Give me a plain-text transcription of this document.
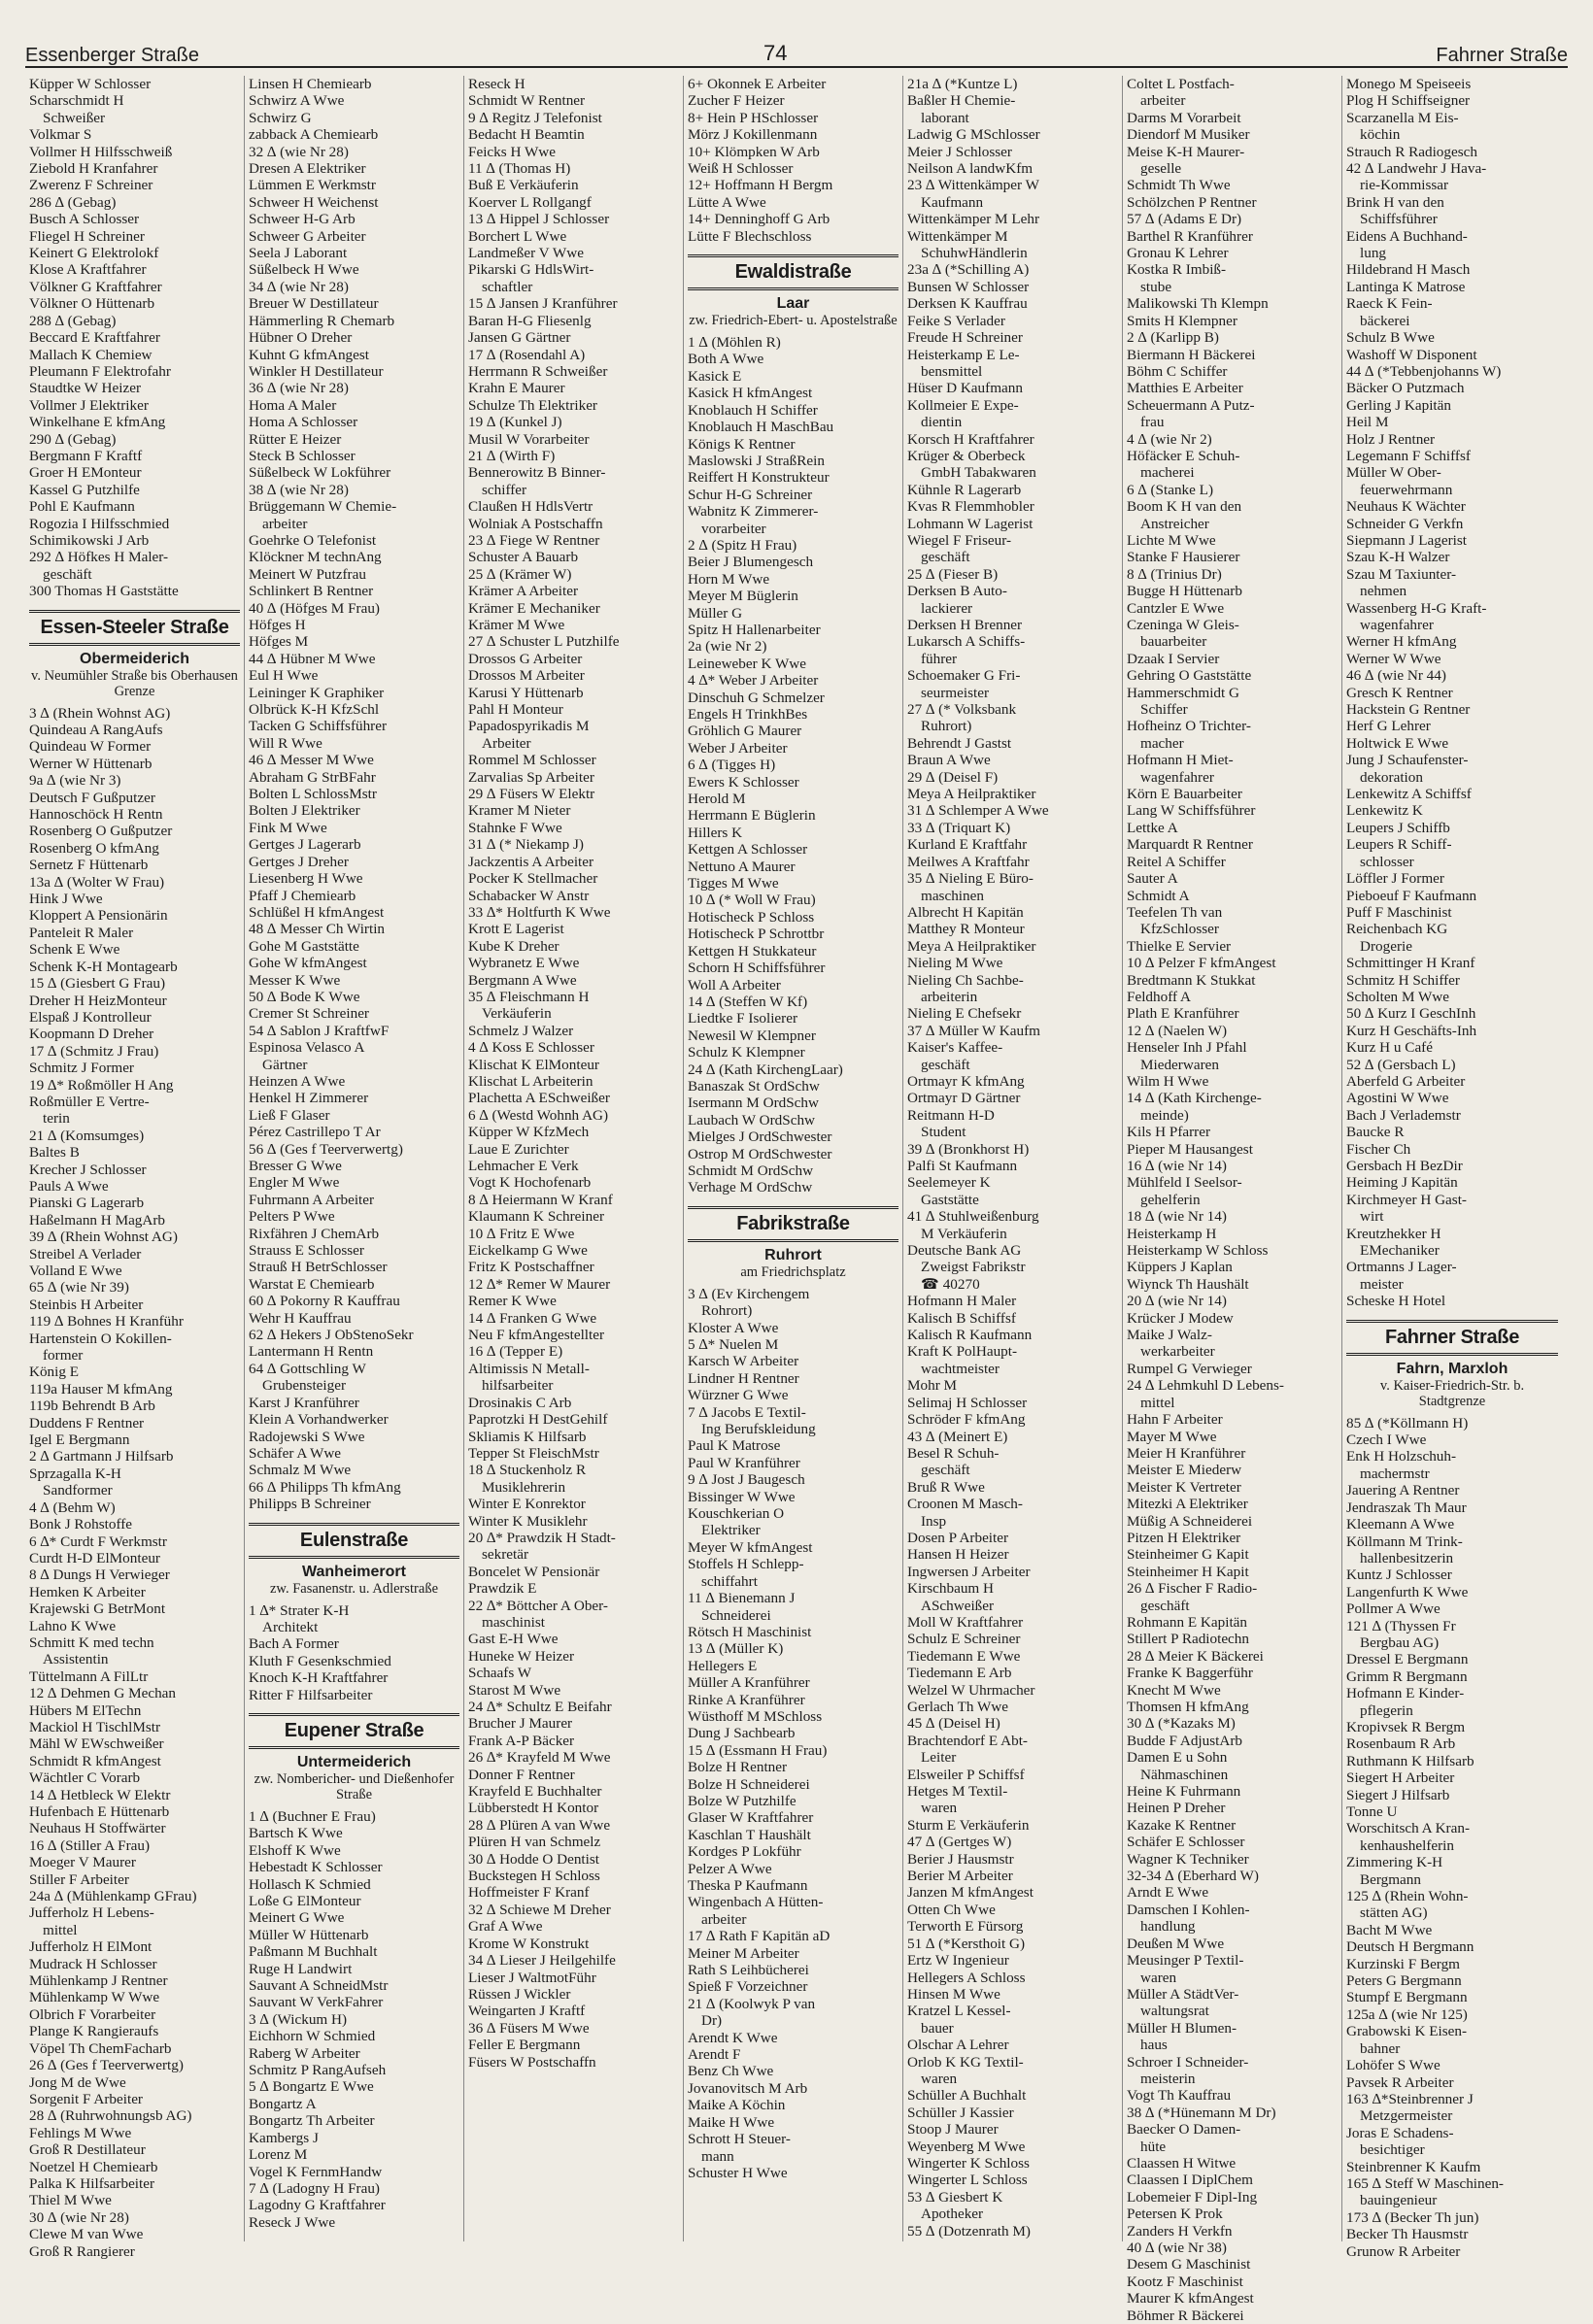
Essenberger Straße	74	Fahrner Straße
Küpper W Schlosser
Scharschmidt H
Schweißer
Volkmar S
Vollmer H Hilfsschweiß
Ziebold H Kranfahrer
Zwerenz F Schreiner
286 ∆ (Gebag)
Busch A Schlosser
Fliegel H Schreiner
Keinert G Elektrolokf
Klose A Kraftfahrer
Völkner G Kraftfahrer
Völkner O Hüttenarb
288 ∆ (Gebag)
Beccard E Kraftfahrer
Mallach K Chemiew
Pleumann F Elektrofahr
Staudtke W Heizer
Vollmer J Elektriker
Winkelhane E kfmAng
290 ∆ (Gebag)
Bergmann F Kraftf
Groer H EMonteur
Kassel G Putzhilfe
Pohl E Kaufmann
Rogozia I Hilfsschmied
Schimikowski J Arb
292 ∆ Höfkes H Maler-
geschäft
300 Thomas H Gaststätte
Essen-Steeler Straße
Obermeiderich
v. Neumühler Straße bis Oberhausen Grenze
3 ∆ (Rhein Wohnst AG)
Quindeau A RangAufs
Quindeau W Former
Werner W Hüttenarb
9a ∆ (wie Nr 3)
Deutsch F Gußputzer
Hannoschöck H Rentn
Rosenberg O Gußputzer
Rosenberg O kfmAng
Sernetz F Hüttenarb
13a ∆ (Wolter W Frau)
Hink J Wwe
Kloppert A Pensionärin
Panteleit R Maler
Schenk E Wwe
Schenk K-H Montagearb
15 ∆ (Giesbert G Frau)
Dreher H HeizMonteur
Elspaß J Kontrolleur
Koopmann D Dreher
17 ∆ (Schmitz J Frau)
Schmitz J Former
19 ∆* Roßmöller H Ang
Roßmüller E Vertre-
terin
21 ∆ (Komsumges)
Baltes B
Krecher J Schlosser
Pauls A Wwe
Pianski G Lagerarb
Haßelmann H MagArb
39 ∆ (Rhein Wohnst AG)
Streibel A Verlader
Volland E Wwe
65 ∆ (wie Nr 39)
Steinbis H Arbeiter
119 ∆ Bohnes H Kranführ
Hartenstein O Kokillen-
former
König E
119a Hauser M kfmAng
119b Behrendt B Arb
Duddens F Rentner
Igel E Bergmann
2 ∆ Gartmann J Hilfsarb
Sprzagalla K-H
Sandformer
4 ∆ (Behm W)
Bonk J Rohstoffe
6 ∆* Curdt F Werkmstr
Curdt H-D ElMonteur
8 ∆ Dungs H Verwieger
Hemken K Arbeiter
Krajewski G BetrMont
Lahno K Wwe
Schmitt K med techn
Assistentin
Tüttelmann A FilLtr
12 ∆ Dehmen G Mechan
Hübers M ElTechn
Mackiol H TischlMstr
Mähl W EWschweißer
Schmidt R kfmAngest
Wächtler C Vorarb
14 ∆ Hetbleck W Elektr
Hufenbach E Hüttenarb
Neuhaus H Stoffwärter
16 ∆ (Stiller A Frau)
Moeger V Maurer
Stiller F Arbeiter
24a ∆ (Mühlenkamp GFrau)
Jufferholz H Lebens-
mittel
Jufferholz H ElMont
Mudrack H Schlosser
Mühlenkamp J Rentner
Mühlenkamp W Wwe
Olbrich F Vorarbeiter
Plange K Rangieraufs
Vöpel Th ChemFacharb
26 ∆ (Ges f Teerverwertg)
Jong M de Wwe
Sorgenit F Arbeiter
28 ∆ (Ruhrwohnungsb AG)
Fehlings M Wwe
Groß R Destillateur
Noetzel H Chemiearb
Palka K Hilfsarbeiter
Thiel M Wwe
30 ∆ (wie Nr 28)
Clewe M van Wwe
Groß R Rangierer
Linsen H Chemiearb
Schwirz A Wwe
Schwirz G
zabback A Chemiearb
32 ∆ (wie Nr 28)
Dresen A Elektriker
Lümmen E Werkmstr
Schweer H Weichenst
Schweer H-G Arb
Schweer G Arbeiter
Seela J Laborant
Süßelbeck H Wwe
34 ∆ (wie Nr 28)
Breuer W Destillateur
Hämmerling R Chemarb
Hübner O Dreher
Kuhnt G kfmAngest
Winkler H Destillateur
36 ∆ (wie Nr 28)
Homa A Maler
Homa A Schlosser
Rütter E Heizer
Steck B Schlosser
Süßelbeck W Lokführer
38 ∆ (wie Nr 28)
Brüggemann W Chemie-
arbeiter
Goehrke O Telefonist
Klöckner M technAng
Meinert W Putzfrau
Schlinkert B Rentner
40 ∆ (Höfges M Frau)
Höfges H
Höfges M
44 ∆ Hübner M Wwe
Eul H Wwe
Leininger K Graphiker
Olbrück K-H KfzSchl
Tacken G Schiffsführer
Will R Wwe
46 ∆ Messer M Wwe
Abraham G StrBFahr
Bolten L SchlossMstr
Bolten J Elektriker
Fink M Wwe
Gertges J Lagerarb
Gertges J Dreher
Liesenberg H Wwe
Pfaff J Chemiearb
Schlüßel H kfmAngest
48 ∆ Messer Ch Wirtin
Gohe M Gaststätte
Gohe W kfmAngest
Messer K Wwe
50 ∆ Bode K Wwe
Cremer St Schreiner
54 ∆ Sablon J KraftfwF
Espinosa Velasco A
Gärtner
Heinzen A Wwe
Henkel H Zimmerer
Ließ F Glaser
Pérez Castrillepo T Ar
56 ∆ (Ges f Teerverwertg)
Bresser G Wwe
Engler M Wwe
Fuhrmann A Arbeiter
Pelters P Wwe
Rixfähren J ChemArb
Strauss E Schlosser
Strauß H BetrSchlosser
Warstat E Chemiearb
60 ∆ Pokorny R Kauffrau
Wehr H Kauffrau
62 ∆ Hekers J ObStenoSekr
Lantermann H Rentn
64 ∆ Gottschling W
Grubensteiger
Karst J Kranführer
Klein A Vorhandwerker
Radojewski S Wwe
Schäfer A Wwe
Schmalz M Wwe
66 ∆ Philipps Th kfmAng
Philipps B Schreiner
Eulenstraße
Wanheimerort
zw. Fasanenstr. u. Adlerstraße
1 ∆* Strater K-H
Architekt
Bach A Former
Kluth F Gesenkschmied
Knoch K-H Kraftfahrer
Ritter F Hilfsarbeiter
Eupener Straße
Untermeiderich
zw. Nombericher- und Dießenhofer Straße
1 ∆ (Buchner E Frau)
Bartsch K Wwe
Elshoff K Wwe
Hebestadt K Schlosser
Hollasch K Schmied
Loße G ElMonteur
Meinert G Wwe
Müller W Hüttenarb
Paßmann M Buchhalt
Ruge H Landwirt
Sauvant A SchneidMstr
Sauvant W VerkFahrer
3 ∆ (Wickum H)
Eichhorn W Schmied
Raberg W Arbeiter
Schmitz P RangAufseh
5 ∆ Bongartz E Wwe
Bongartz A
Bongartz Th Arbeiter
Kambergs J
Lorenz M
Vogel K FernmHandw
7 ∆ (Ladogny H Frau)
Lagodny G Kraftfahrer
Reseck J Wwe
Reseck H
Schmidt W Rentner
9 ∆ Regitz J Telefonist
Bedacht H Beamtin
Feicks H Wwe
11 ∆ (Thomas H)
Buß E Verkäuferin
Koerver L Rollgangf
13 ∆ Hippel J Schlosser
Borchert L Wwe
Landmeßer V Wwe
Pikarski G HdlsWirt-
schaftler
15 ∆ Jansen J Kranführer
Baran H-G Fliesenlg
Jansen G Gärtner
17 ∆ (Rosendahl A)
Herrmann R Schweißer
Krahn E Maurer
Schulze Th Elektriker
19 ∆ (Kunkel J)
Musil W Vorarbeiter
21 ∆ (Wirth F)
Bennerowitz B Binner-
schiffer
Claußen H HdlsVertr
Wolniak A Postschaffn
23 ∆ Fiege W Rentner
Schuster A Bauarb
25 ∆ (Krämer W)
Krämer A Arbeiter
Krämer E Mechaniker
Krämer M Wwe
27 ∆ Schuster L Putzhilfe
Drossos G Arbeiter
Drossos M Arbeiter
Karusi Y Hüttenarb
Pahl H Monteur
Papadospyrikadis M
Arbeiter
Rommel M Schlosser
Zarvalias Sp Arbeiter
29 ∆ Füsers W Elektr
Kramer M Nieter
Stahnke F Wwe
31 ∆ (* Niekamp J)
Jackzentis A Arbeiter
Pocker K Stellmacher
Schabacker W Anstr
33 ∆* Holtfurth K Wwe
Krott E Lagerist
Kube K Dreher
Wybranetz E Wwe
Bergmann A Wwe
35 ∆ Fleischmann H
Verkäuferin
Schmelz J Walzer
4 ∆ Koss E Schlosser
Klischat K ElMonteur
Klischat L Arbeiterin
Plachetta A ESchweißer
6 ∆ (Westd Wohnh AG)
Küpper W KfzMech
Laue E Zurichter
Lehmacher E Verk
Vogt K Hochofenarb
8 ∆ Heiermann W Kranf
Klaumann K Schreiner
10 ∆ Fritz E Wwe
Eickelkamp G Wwe
Fritz K Postschaffner
12 ∆* Remer W Maurer
Remer K Wwe
14 ∆ Franken G Wwe
Neu F kfmAngestellter
16 ∆ (Tepper E)
Altimissis N Metall-
hilfsarbeiter
Drosinakis C Arb
Paprotzki H DestGehilf
Skliamis K Hilfsarb
Tepper St FleischMstr
18 ∆ Stuckenholz R
Musiklehrerin
Winter E Konrektor
Winter K Musiklehr
20 ∆* Prawdzik H Stadt-
sekretär
Boncelet W Pensionär
Prawdzik E
22 ∆* Böttcher A Ober-
maschinist
Gast E-H Wwe
Huneke W Heizer
Schaafs W
Starost M Wwe
24 ∆* Schultz E Beifahr
Brucher J Maurer
Frank A-P Bäcker
26 ∆* Krayfeld M Wwe
Donner F Rentner
Krayfeld E Buchhalter
Lübberstedt H Kontor
28 ∆ Plüren A van Wwe
Plüren H van Schmelz
30 ∆ Hodde O Dentist
Buckstegen H Schloss
Hoffmeister F Kranf
32 ∆ Schiewe M Dreher
Graf A Wwe
Krome W Konstrukt
34 ∆ Lieser J Heilgehilfe
Lieser J WaltmotFühr
Rüssen J Wickler
Weingarten J Kraftf
36 ∆ Füsers M Wwe
Feller E Bergmann
Füsers W Postschaffn
6+ Okonnek E Arbeiter
Zucher F Heizer
8+ Hein P HSchlosser
Mörz J Kokillenmann
10+ Klömpken W Arb
Weiß H Schlosser
12+ Hoffmann H Bergm
Lütte A Wwe
14+ Denninghoff G Arb
Lütte F Blechschloss
Ewaldistraße
Laar
zw. Friedrich-Ebert- u. Apostelstraße
1 ∆ (Möhlen R)
Both A Wwe
Kasick E
Kasick H kfmAngest
Knoblauch H Schiffer
Knoblauch H MaschBau
Königs K Rentner
Maslowski J StraßRein
Reiffert H Konstrukteur
Schur H-G Schreiner
Wabnitz K Zimmerer-
vorarbeiter
2 ∆ (Spitz H Frau)
Beier J Blumengesch
Horn M Wwe
Meyer M Büglerin
Müller G
Spitz H Hallenarbeiter
2a (wie Nr 2)
Leineweber K Wwe
4 ∆* Weber J Arbeiter
Dinschuh G Schmelzer
Engels H TrinkhBes
Gröhlich G Maurer
Weber J Arbeiter
6 ∆ (Tigges H)
Ewers K Schlosser
Herold M
Herrmann E Büglerin
Hillers K
Kettgen A Schlosser
Nettuno A Maurer
Tigges M Wwe
10 ∆ (* Woll W Frau)
Hotischeck P Schloss
Hotischeck P Schrottbr
Kettgen H Stukkateur
Schorn H Schiffsführer
Woll A Arbeiter
14 ∆ (Steffen W Kf)
Liedtke F Isolierer
Newesil W Klempner
Schulz K Klempner
24 ∆ (Kath KirchengLaar)
Banaszak St OrdSchw
Isermann M OrdSchw
Laubach W OrdSchw
Mielges J OrdSchwester
Ostrop M OrdSchwester
Schmidt M OrdSchw
Verhage M OrdSchw
Fabrikstraße
Ruhrort
am Friedrichsplatz
3 ∆ (Ev Kirchengem
Rohrort)
Kloster A Wwe
5 ∆* Nuelen M
Karsch W Arbeiter
Lindner H Rentner
Würzner G Wwe
7 ∆ Jacobs E Textil-
Ing Berufskleidung
Paul K Matrose
Paul W Kranführer
9 ∆ Jost J Baugesch
Bissinger W Wwe
Kouschkerian O
Elektriker
Meyer W kfmAngest
Stoffels H Schlepp-
schiffahrt
11 ∆ Bienemann J
Schneiderei
Rötsch H Maschinist
13 ∆ (Müller K)
Hellegers E
Müller A Kranführer
Rinke A Kranführer
Wüsthoff M MSchloss
Dung J Sachbearb
15 ∆ (Essmann H Frau)
Bolze H Rentner
Bolze H Schneiderei
Bolze W Putzhilfe
Glaser W Kraftfahrer
Kaschlan T Haushält
Kordges P Lokführ
Pelzer A Wwe
Theska P Kaufmann
Wingenbach A Hütten-
arbeiter
17 ∆ Rath F Kapitän aD
Meiner M Arbeiter
Rath S Leihbücherei
Spieß F Vorzeichner
21 ∆ (Koolwyk P van
Dr)
Arendt K Wwe
Arendt F
Benz Ch Wwe
Jovanovitsch M Arb
Maike A Köchin
Maike H Wwe
Schrott H Steuer-
mann
Schuster H Wwe
21a ∆ (*Kuntze L)
Baßler H Chemie-
laborant
Ladwig G MSchlosser
Meier J Schlosser
Neilson A landwKfm
23 ∆ Wittenkämper W
Kaufmann
Wittenkämper M Lehr
Wittenkämper M
SchuhwHändlerin
23a ∆ (*Schilling A)
Bunsen W Schlosser
Derksen K Kauffrau
Feike S Verlader
Freude H Schreiner
Heisterkamp E Le-
bensmittel
Hüser D Kaufmann
Kollmeier E Expe-
dientin
Korsch H Kraftfahrer
Krüger & Oberbeck
GmbH Tabakwaren
Kühnle R Lagerarb
Kvas R Flemmhobler
Lohmann W Lagerist
Wiegel F Friseur-
geschäft
25 ∆ (Fieser B)
Derksen B Auto-
lackierer
Derksen H Brenner
Lukarsch A Schiffs-
führer
Schoemaker G Fri-
seurmeister
27 ∆ (* Volksbank
Ruhrort)
Behrendt J Gastst
Braun A Wwe
29 ∆ (Deisel F)
Meya A Heilpraktiker
31 ∆ Schlemper A Wwe
33 ∆ (Triquart K)
Kurland E Kraftfahr
Meilwes A Kraftfahr
35 ∆ Nieling E Büro-
maschinen
Albrecht H Kapitän
Matthey R Monteur
Meya A Heilpraktiker
Nieling M Wwe
Nieling Ch Sachbe-
arbeiterin
Nieling E Chefsekr
37 ∆ Müller W Kaufm
Kaiser's Kaffee-
geschäft
Ortmayr K kfmAng
Ortmayr D Gärtner
Reitmann H-D
Student
39 ∆ (Bronkhorst H)
Palfi St Kaufmann
Seelemeyer K
Gaststätte
41 ∆ Stuhlweißenburg
M Verkäuferin
Deutsche Bank AG
Zweigst Fabrikstr
☎ 40270
Hofmann H Maler
Kalisch B Schiffsf
Kalisch R Kaufmann
Kraft K PolHaupt-
wachtmeister
Mohr M
Selimaj H Schlosser
Schröder F kfmAng
43 ∆ (Meinert E)
Besel R Schuh-
geschäft
Bruß R Wwe
Croonen M Masch-
Insp
Dosen P Arbeiter
Hansen H Heizer
Ingwersen J Arbeiter
Kirschbaum H
ASchweißer
Moll W Kraftfahrer
Schulz E Schreiner
Tiedemann E Wwe
Tiedemann E Arb
Welzel W Uhrmacher
Gerlach Th Wwe
45 ∆ (Deisel H)
Brachtendorf E Abt-
Leiter
Elsweiler P Schiffsf
Hetges M Textil-
waren
Sturm E Verkäuferin
47 ∆ (Gertges W)
Berier J Hausmstr
Berier M Arbeiter
Janzen M kfmAngest
Otten Ch Wwe
Terworth E Fürsorg
51 ∆ (*Kersthoit G)
Ertz W Ingenieur
Hellegers A Schloss
Hinsen M Wwe
Kratzel L Kessel-
bauer
Olschar A Lehrer
Orlob K KG Textil-
waren
Schüller A Buchhalt
Schüller J Kassier
Stoop J Maurer
Weyenberg M Wwe
Wingerter K Schloss
Wingerter L Schloss
53 ∆ Giesbert K
Apotheker
55 ∆ (Dotzenrath M)
Coltet L Postfach-
arbeiter
Darms M Vorarbeit
Diendorf M Musiker
Meise K-H Maurer-
geselle
Schmidt Th Wwe
Schölzchen P Rentner
57 ∆ (Adams E Dr)
Barthel R Kranführer
Gronau K Lehrer
Kostka R Imbiß-
stube
Malikowski Th Klempn
Smits H Klempner
2 ∆ (Karlipp B)
Biermann H Bäckerei
Böhm C Schiffer
Matthies E Arbeiter
Scheuermann A Putz-
frau
4 ∆ (wie Nr 2)
Höfäcker E Schuh-
macherei
6 ∆ (Stanke L)
Boom K H van den
Anstreicher
Lichte M Wwe
Stanke F Hausierer
8 ∆ (Trinius Dr)
Bugge H Hüttenarb
Cantzler E Wwe
Czeninga W Gleis-
bauarbeiter
Dzaak I Servier
Gehring O Gaststätte
Hammerschmidt G
Schiffer
Hofheinz O Trichter-
macher
Hofmann H Miet-
wagenfahrer
Körn E Bauarbeiter
Lang W Schiffsführer
Lettke A
Marquardt R Rentner
Reitel A Schiffer
Sauter A
Schmidt A
Teefelen Th van
KfzSchlosser
Thielke E Servier
10 ∆ Pelzer F kfmAngest
Bredtmann K Stukkat
Feldhoff A
Plath E Kranführer
12 ∆ (Naelen W)
Henseler Inh J Pfahl
Miederwaren
Wilm H Wwe
14 ∆ (Kath Kirchenge-
meinde)
Kils H Pfarrer
Pieper M Hausangest
16 ∆ (wie Nr 14)
Mühlfeld I Seelsor-
gehelferin
18 ∆ (wie Nr 14)
Heisterkamp H
Heisterkamp W Schloss
Küppers J Kaplan
Wiynck Th Haushält
20 ∆ (wie Nr 14)
Krücker J Modew
Maike J Walz-
werkarbeiter
Rumpel G Verwieger
24 ∆ Lehmkuhl D Lebens-
mittel
Hahn F Arbeiter
Mayer M Wwe
Meier H Kranführer
Meister E Miederw
Meister K Vertreter
Mitezki A Elektriker
Müßig A Schneiderei
Pitzen H Elektriker
Steinheimer G Kapit
Steinheimer H Kapit
26 ∆ Fischer F Radio-
geschäft
Rohmann E Kapitän
Stillert P Radiotechn
28 ∆ Meier K Bäckerei
Franke K Baggerführ
Knecht M Wwe
Thomsen H kfmAng
30 ∆ (*Kazaks M)
Budde F AdjustArb
Damen E u Sohn
Nähmaschinen
Heine K Fuhrmann
Heinen P Dreher
Kazake K Rentner
Schäfer E Schlosser
Wagner K Techniker
32-34 ∆ (Eberhard W)
Arndt E Wwe
Damschen I Kohlen-
handlung
Deußen M Wwe
Meusinger P Textil-
waren
Müller A StädtVer-
waltungsrat
Müller H Blumen-
haus
Schroer I Schneider-
meisterin
Vogt Th Kauffrau
38 ∆ (*Hünemann M Dr)
Baecker O Damen-
hüte
Claassen H Witwe
Claassen I DiplChem
Lobemeier F Dipl-Ing
Petersen K Prok
Zanders H Verkfn
40 ∆ (wie Nr 38)
Desem G Maschinist
Kootz F Maschinist
Maurer K kfmAngest
Böhmer R Bäckerei
Monego M Speiseeis
Plog H Schiffseigner
Scarzanella M Eis-
köchin
Strauch R Radiogesch
42 ∆ Landwehr J Hava-
rie-Kommissar
Brink H van den
Schiffsführer
Eidens A Buchhand-
lung
Hildebrand H Masch
Lantinga K Matrose
Raeck K Fein-
bäckerei
Schulz B Wwe
Washoff W Disponent
44 ∆ (*Tebbenjohanns W)
Bäcker O Putzmach
Gerling J Kapitän
Heil M
Holz J Rentner
Legemann F Schiffsf
Müller W Ober-
feuerwehrmann
Neuhaus K Wächter
Schneider G Verkfn
Siepmann J Lagerist
Szau K-H Walzer
Szau M Taxiunter-
nehmen
Wassenberg H-G Kraft-
wagenfahrer
Werner H kfmAng
Werner W Wwe
46 ∆ (wie Nr 44)
Gresch K Rentner
Hackstein G Rentner
Herf G Lehrer
Holtwick E Wwe
Jung J Schaufenster-
dekoration
Lenkewitz A Schiffsf
Lenkewitz K
Leupers J Schiffb
Leupers R Schiff-
schlosser
Löffler J Former
Pieboeuf F Kaufmann
Puff F Maschinist
Reichenbach KG
Drogerie
Schmittinger H Kranf
Schmitz H Schiffer
Scholten M Wwe
50 ∆ Kurz I GeschInh
Kurz H Geschäfts-Inh
Kurz H u Café
52 ∆ (Gersbach L)
Aberfeld G Arbeiter
Agostini W Wwe
Bach J Verlademstr
Baucke R
Fischer Ch
Gersbach H BezDir
Heiming J Kapitän
Kirchmeyer H Gast-
wirt
Kreutzhekker H
EMechaniker
Ortmanns J Lager-
meister
Scheske H Hotel
Fahrner Straße
Fahrn, Marxloh
v. Kaiser-Friedrich-Str. b. Stadtgrenze
85 ∆ (*Köllmann H)
Czech I Wwe
Enk H Holzschuh-
machermstr
Jauering A Rentner
Jendraszak Th Maur
Kleemann A Wwe
Köllmann M Trink-
hallenbesitzerin
Kuntz J Schlosser
Langenfurth K Wwe
Pollmer A Wwe
121 ∆ (Thyssen Fr
Bergbau AG)
Dressel E Bergmann
Grimm R Bergmann
Hofmann E Kinder-
pflegerin
Kropivsek R Bergm
Rosenbaum R Arb
Ruthmann K Hilfsarb
Siegert H Arbeiter
Siegert J Hilfsarb
Tonne U
Worschitsch A Kran-
kenhaushelferin
Zimmering K-H
Bergmann
125 ∆ (Rhein Wohn-
stätten AG)
Bacht M Wwe
Deutsch H Bergmann
Kurzinski F Bergm
Peters G Bergmann
Stumpf E Bergmann
125a ∆ (wie Nr 125)
Grabowski K Eisen-
bahner
Lohöfer S Wwe
Pavsek R Arbeiter
163 ∆*Steinbrenner J
Metzgermeister
Joras E Schadens-
besichtiger
Steinbrenner K Kaufm
165 ∆ Steff W Maschinen-
bauingenieur
173 ∆ (Becker Th jun)
Becker Th Hausmstr
Grunow R Arbeiter
